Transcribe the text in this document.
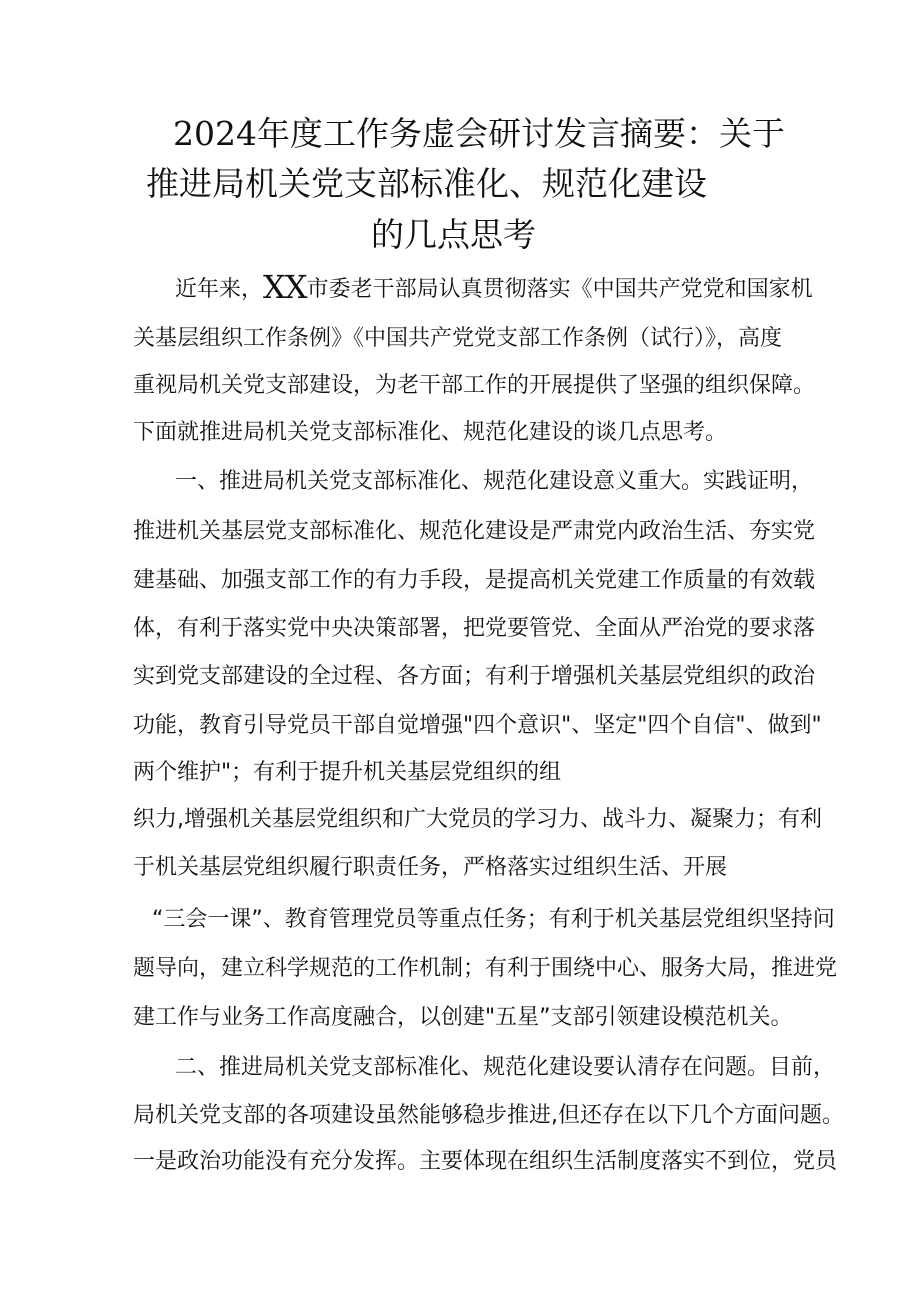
2024年度工作务虚会研讨发言摘要：关于
推进局机关党支部标准化、规范化建设
的几点思考
近年来，XX市委老干部局认真贯彻落实《中国共产党党和国家机
关基层组织工作条例》《中国共产党党支部工作条例（试行）》，高度
重视局机关党支部建设，为老干部工作的开展提供了坚强的组织保障。
下面就推进局机关党支部标准化、规范化建设的谈几点思考。
一、推进局机关党支部标准化、规范化建设意义重大。实践证明，
推进机关基层党支部标准化、规范化建设是严肃党内政治生活、夯实党
建基础、加强支部工作的有力手段，是提高机关党建工作质量的有效载
体，有利于落实党中央决策部署，把党要管党、全面从严治党的要求落
实到党支部建设的全过程、各方面；有利于增强机关基层党组织的政治
功能，教育引导党员干部自觉增强"四个意识"、坚定"四个自信"、做到"
两个维护"；有利于提升机关基层党组织的组
织力,增强机关基层党组织和广大党员的学习力、战斗力、凝聚力；有利
于机关基层党组织履行职责任务，严格落实过组织生活、开展
“三会一课”、教育管理党员等重点任务；有利于机关基层党组织坚持问
题导向，建立科学规范的工作机制；有利于围绕中心、服务大局，推进党
建工作与业务工作高度融合，以创建"五星”支部引领建设模范机关。
二、推进局机关党支部标准化、规范化建设要认清存在问题。目前，
局机关党支部的各项建设虽然能够稳步推进,但还存在以下几个方面问题。
一是政治功能没有充分发挥。主要体现在组织生活制度落实不到位，党员
